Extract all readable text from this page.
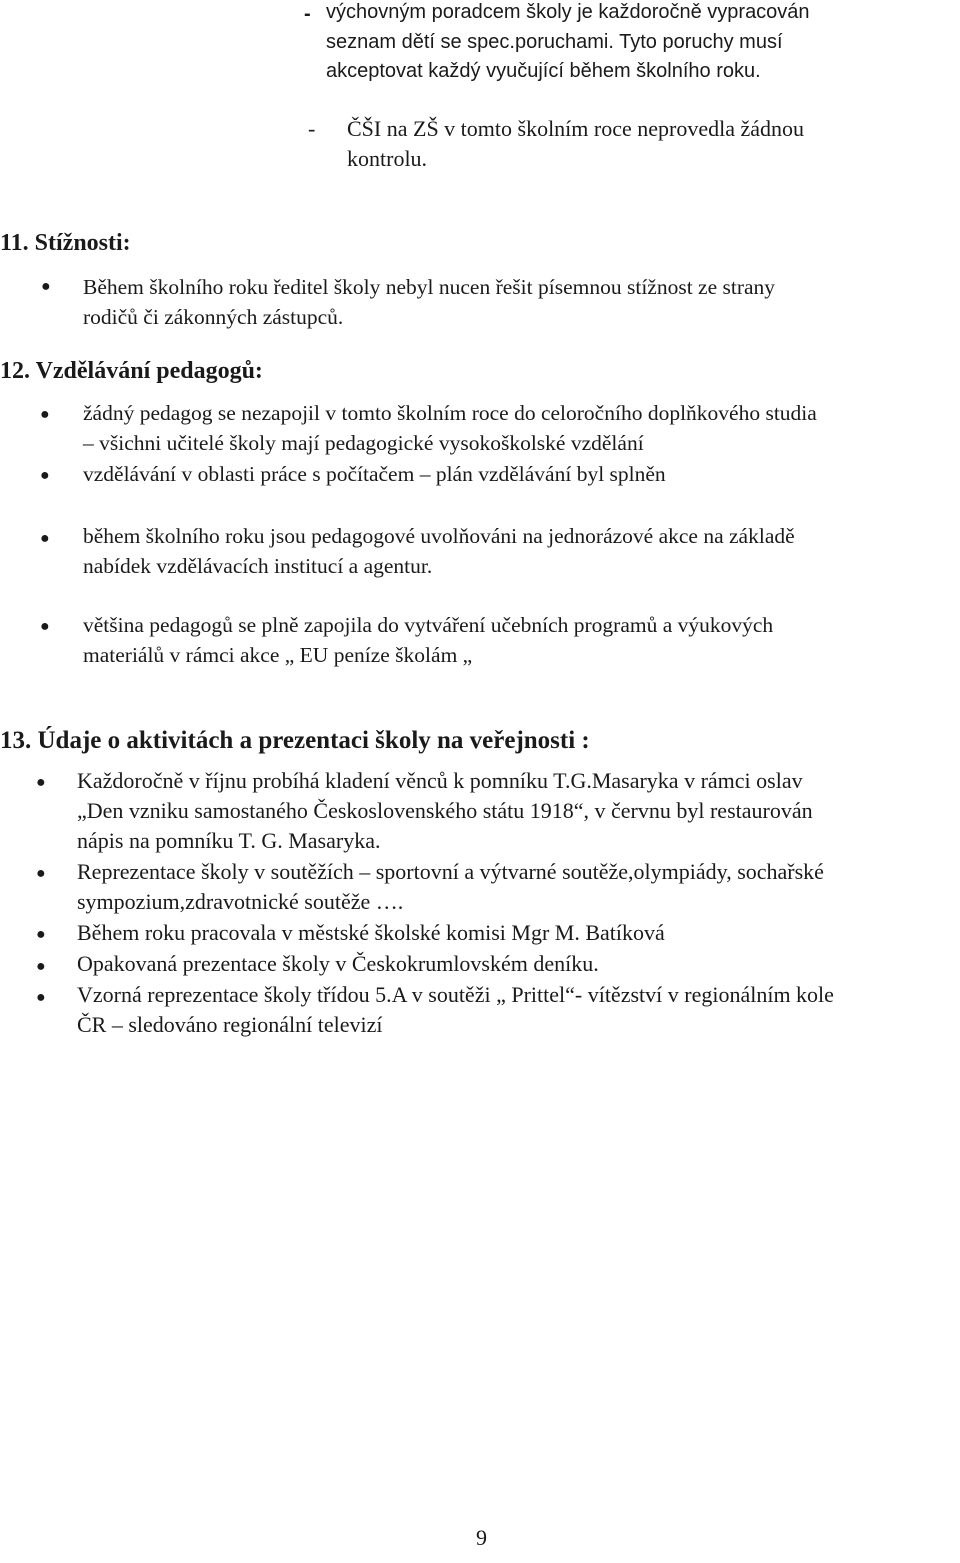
- výchovným poradcem školy je každoročně vypracován
seznam dětí se spec.poruchami. Tyto poruchy musí
akceptovat každý vyučující během školního roku.
- ČŠI na ZŠ v tomto školním roce neprovedla žádnou
kontrolu.
11. Stížnosti:
● Během školního roku ředitel školy nebyl nucen řešit písemnou stížnost ze strany
rodičů či zákonných zástupců.
12. Vzdělávání pedagogů:
● žádný pedagog se nezapojil v tomto školním roce do celoročního doplňkového studia
– všichni učitelé školy mají pedagogické vysokoškolské vzdělání
● vzdělávání v oblasti práce s počítačem – plán vzdělávání byl splněn
● během školního roku jsou pedagogové uvolňováni na jednorázové akce na základě
nabídek vzdělávacích institucí a agentur.
● většina pedagogů se plně zapojila do vytváření učebních programů a výukových
materiálů v rámci akce „ EU peníze školám „
13. Údaje o aktivitách a prezentaci školy na veřejnosti :
● Každoročně v říjnu probíhá kladení věnců k pomníku T.G.Masaryka v rámci oslav
„Den vzniku samostaného Československého státu 1918“, v červnu byl restaurován
nápis na pomníku T. G. Masaryka.
● Reprezentace školy v soutěžích – sportovní a výtvarné soutěže,olympiády, sochařské
sympozium,zdravotnické soutěže ….
● Během roku pracovala v městské školské komisi Mgr M. Batíková
● Opakovaná prezentace školy v Českokrumlovském deníku.
● Vzorná reprezentace školy třídou 5.A v soutěži „ Prittel“- vítězství v regionálním kole
ČR – sledováno regionální televizí
9
